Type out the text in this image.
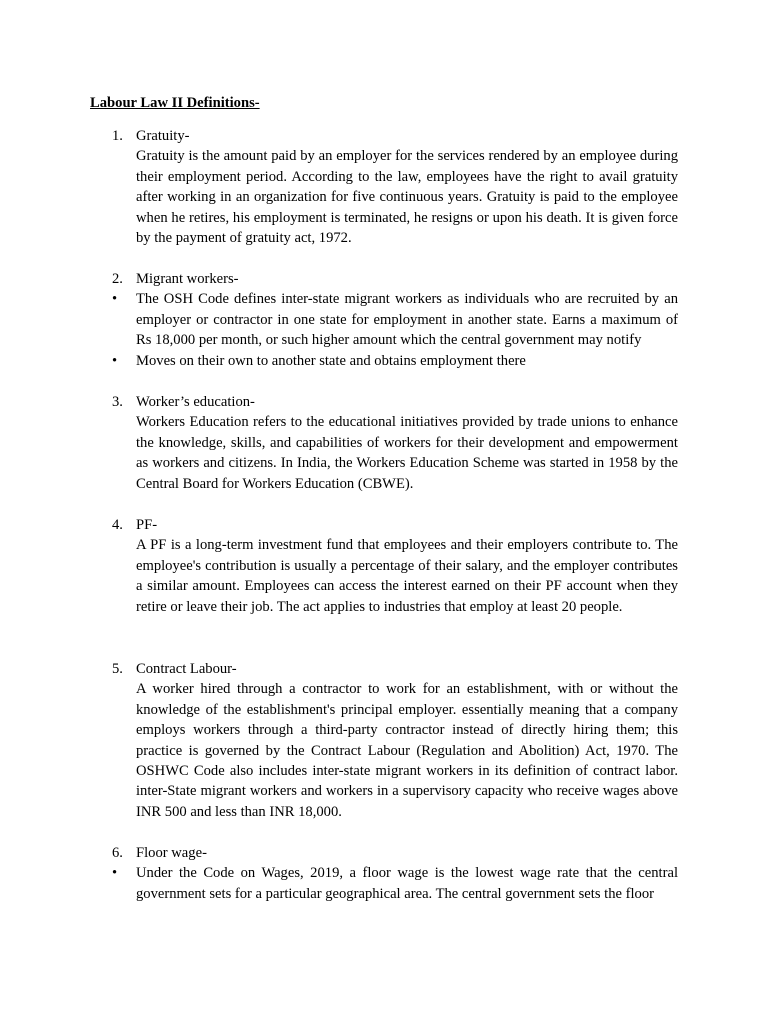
Labour Law II Definitions-
1. Gratuity-

Gratuity is the amount paid by an employer for the services rendered by an employee during their employment period. According to the law, employees have the right to avail gratuity after working in an organization for five continuous years. Gratuity is paid to the employee when he retires, his employment is terminated, he resigns or upon his death. It is given force by the payment of gratuity act, 1972.

2. Migrant workers-
• The OSH Code defines inter-state migrant workers as individuals who are recruited by an employer or contractor in one state for employment in another state. Earns a maximum of Rs 18,000 per month, or such higher amount which the central government may notify

• Moves on their own to another state and obtains employment there

3. Worker’s education-

Workers Education refers to the educational initiatives provided by trade unions to enhance the knowledge, skills, and capabilities of workers for their development and empowerment as workers and citizens. In India, the Workers Education Scheme was started in 1958 by the Central Board for Workers Education (CBWE).

4. PF-

A PF is a long-term investment fund that employees and their employers contribute to. The employee's contribution is usually a percentage of their salary, and the employer contributes a similar amount. Employees can access the interest earned on their PF account when they retire or leave their job. The act applies to industries that employ at least 20 people.

5. Contract Labour-

A worker hired through a contractor to work for an establishment, with or without the knowledge of the establishment's principal employer. essentially meaning that a company employs workers through a third-party contractor instead of directly hiring them; this practice is governed by the Contract Labour (Regulation and Abolition) Act, 1970. The OSHWC Code also includes inter-state migrant workers in its definition of contract labor. inter-State migrant workers and workers in a supervisory capacity who receive wages above INR 500 and less than INR 18,000.

6. Floor wage-
• Under the Code on Wages, 2019, a floor wage is the lowest wage rate that the central government sets for a particular geographical area. The central government sets the floor
